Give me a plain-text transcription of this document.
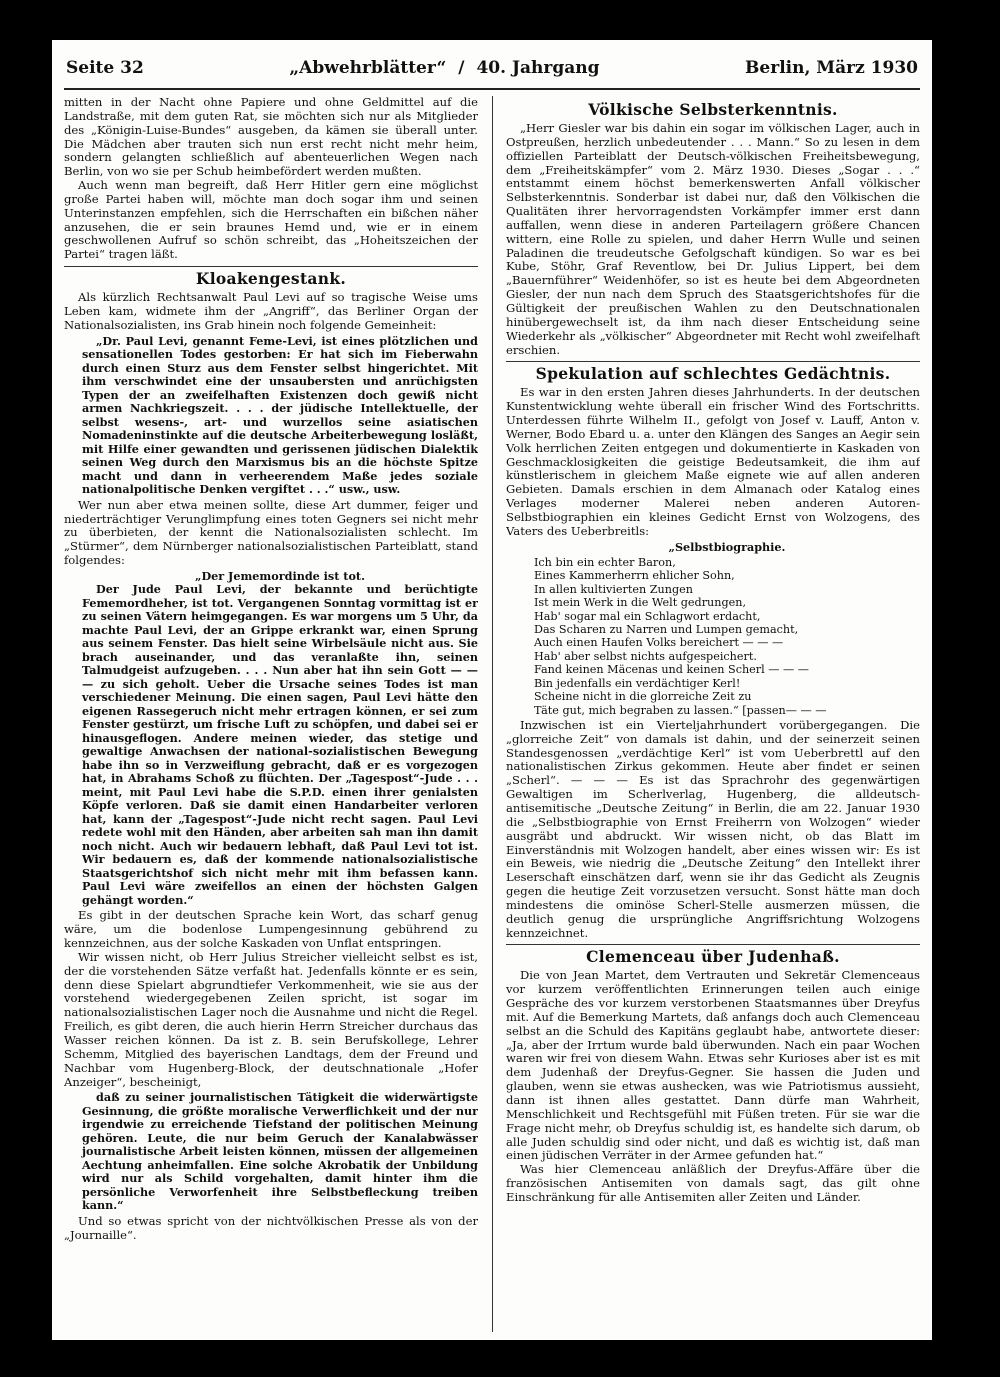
Seite 32	„Abwehrblätter“ / 40. Jahrgang	Berlin, März 1930

mitten in der Nacht ohne Papiere und ohne Geldmittel auf die Landstraße, mit dem guten Rat, sie möchten sich nur als Mitglieder des „Königin-Luise-Bundes“ ausgeben, da kämen sie überall unter. Die Mädchen aber trauten sich nun erst recht nicht mehr heim, sondern gelangten schließlich auf abenteuerlichen Wegen nach Berlin, von wo sie per Schub heimbefördert werden mußten.

Auch wenn man begreift, daß Herr Hitler gern eine möglichst große Partei haben will, möchte man doch sogar ihm und seinen Unterinstanzen empfehlen, sich die Herrschaften ein bißchen näher anzusehen, die er sein braunes Hemd und, wie er in einem geschwollenen Aufruf so schön schreibt, das „Hoheitszeichen der Partei“ tragen läßt.

Kloakengestank.

Als kürzlich Rechtsanwalt Paul Levi auf so tragische Weise ums Leben kam, widmete ihm der „Angriff“, das Berliner Organ der Nationalsozialisten, ins Grab hinein noch folgende Gemeinheit:

„Dr. Paul Levi, genannt Feme-Levi, ist eines plötzlichen und sensationellen Todes gestorben: Er hat sich im Fieberwahn durch einen Sturz aus dem Fenster selbst hingerichtet. Mit ihm verschwindet eine der unsaubersten und anrüchigsten Typen der an zweifelhaften Existenzen doch gewiß nicht armen Nachkriegszeit. . . . der jüdische Intellektuelle, der selbst wesens-, art- und wurzellos seine asiatischen Nomadeninstinkte auf die deutsche Arbeiterbewegung losläßt, mit Hilfe einer gewandten und gerissenen jüdischen Dialektik seinen Weg durch den Marxismus bis an die höchste Spitze macht und dann in verheerendem Maße jedes soziale nationalpolitische Denken vergiftet . . .“ usw., usw.

Wer nun aber etwa meinen sollte, diese Art dummer, feiger und niederträchtiger Verunglimpfung eines toten Gegners sei nicht mehr zu überbieten, der kennt die Nationalsozialisten schlecht. Im „Stürmer“, dem Nürnberger nationalsozialistischen Parteiblatt, stand folgendes:

„Der Jememordinde ist tot.

Der Jude Paul Levi, der bekannte und berüchtigte Fememordheher, ist tot. Vergangenen Sonntag vormittag ist er zu seinen Vätern heimgegangen. Es war morgens um 5 Uhr, da machte Paul Levi, der an Grippe erkrankt war, einen Sprung aus seinem Fenster. Das hielt seine Wirbelsäule nicht aus. Sie brach auseinander, und das veranlaßte ihn, seinen Talmudgeist aufzugeben. . . . Nun aber hat ihn sein Gott — — — zu sich geholt. Ueber die Ursache seines Todes ist man verschiedener Meinung. Die einen sagen, Paul Levi hätte den eigenen Rassegeruch nicht mehr ertragen können, er sei zum Fenster gestürzt, um frische Luft zu schöpfen, und dabei sei er hinausgeflogen. Andere meinen wieder, das stetige und gewaltige Anwachsen der national-sozialistischen Bewegung habe ihn so in Verzweiflung gebracht, daß er es vorgezogen hat, in Abrahams Schoß zu flüchten. Der „Tagespost“-Jude . . . meint, mit Paul Levi habe die S.P.D. einen ihrer genialsten Köpfe verloren. Daß sie damit einen Handarbeiter verloren hat, kann der „Tagespost“-Jude nicht recht sagen. Paul Levi redete wohl mit den Händen, aber arbeiten sah man ihn damit noch nicht. Auch wir bedauern lebhaft, daß Paul Levi tot ist. Wir bedauern es, daß der kommende nationalsozialistische Staatsgerichtshof sich nicht mehr mit ihm befassen kann. Paul Levi wäre zweifellos an einen der höchsten Galgen gehängt worden.“

Es gibt in der deutschen Sprache kein Wort, das scharf genug wäre, um die bodenlose Lumpengesinnung gebührend zu kennzeichnen, aus der solche Kaskaden von Unflat entspringen.

Wir wissen nicht, ob Herr Julius Streicher vielleicht selbst es ist, der die vorstehenden Sätze verfaßt hat. Jedenfalls könnte er es sein, denn diese Spielart abgrundtiefer Verkommenheit, wie sie aus der vorstehend wiedergegebenen Zeilen spricht, ist sogar im nationalsozialistischen Lager noch die Ausnahme und nicht die Regel. Freilich, es gibt deren, die auch hierin Herrn Streicher durchaus das Wasser reichen können. Da ist z. B. sein Berufskollege, Lehrer Schemm, Mitglied des bayerischen Landtags, dem der Freund und Nachbar vom Hugenberg-Block, der deutschnationale „Hofer Anzeiger“, bescheinigt,

daß zu seiner journalistischen Tätigkeit die widerwärtigste Gesinnung, die größte moralische Verwerflichkeit und der nur irgendwie zu erreichende Tiefstand der politischen Meinung gehören. Leute, die nur beim Geruch der Kanalabwässer journalistische Arbeit leisten können, müssen der allgemeinen Aechtung anheimfallen. Eine solche Akrobatik der Unbildung wird nur als Schild vorgehalten, damit hinter ihm die persönliche Verworfenheit ihre Selbstbefleckung treiben kann.“

Und so etwas spricht von der nichtvölkischen Presse als von der „Journaille“.

Völkische Selbsterkenntnis.

„Herr Giesler war bis dahin ein sogar im völkischen Lager, auch in Ostpreußen, herzlich unbedeutender . . . Mann.“ So zu lesen in dem offiziellen Parteiblatt der Deutsch-völkischen Freiheitsbewegung, dem „Freiheitskämpfer“ vom 2. März 1930. Dieses „Sogar . . .“ entstammt einem höchst bemerkenswerten Anfall völkischer Selbsterkenntnis. Sonderbar ist dabei nur, daß den Völkischen die Qualitäten ihrer hervorragendsten Vorkämpfer immer erst dann auffallen, wenn diese in anderen Parteilagern größere Chancen wittern, eine Rolle zu spielen, und daher Herrn Wulle und seinen Paladinen die treudeutsche Gefolgschaft kündigen. So war es bei Kube, Stöhr, Graf Reventlow, bei Dr. Julius Lippert, bei dem „Bauernführer“ Weidenhöfer, so ist es heute bei dem Abgeordneten Giesler, der nun nach dem Spruch des Staatsgerichtshofes für die Gültigkeit der preußischen Wahlen zu den Deutschnationalen hinübergewechselt ist, da ihm nach dieser Entscheidung seine Wiederkehr als „völkischer“ Abgeordneter mit Recht wohl zweifelhaft erschien.

Spekulation auf schlechtes Gedächtnis.

Es war in den ersten Jahren dieses Jahrhunderts. In der deutschen Kunstentwicklung wehte überall ein frischer Wind des Fortschritts. Unterdessen führte Wilhelm II., gefolgt von Josef v. Lauff, Anton v. Werner, Bodo Ebard u. a. unter den Klängen des Sanges an Aegir sein Volk herrlichen Zeiten entgegen und dokumentierte in Kaskaden von Geschmacklosigkeiten die geistige Bedeutsamkeit, die ihm auf künstlerischem in gleichem Maße eignete wie auf allen anderen Gebieten. Damals erschien in dem Almanach oder Katalog eines Verlages moderner Malerei neben anderen Autoren-Selbstbiographien ein kleines Gedicht Ernst von Wolzogens, des Vaters des Ueberbreitls:

„Selbstbiographie.
Ich bin ein echter Baron,
Eines Kammerherrn ehlicher Sohn,
In allen kultivierten Zungen
Ist mein Werk in die Welt gedrungen,
Hab' sogar mal ein Schlagwort erdacht,
Das Scharen zu Narren und Lumpen gemacht,
Auch einen Haufen Volks bereichert — — —
Hab' aber selbst nichts aufgespeichert.
Fand keinen Mäcenas und keinen Scherl — — —
Bin jedenfalls ein verdächtiger Kerl!
Scheine nicht in die glorreiche Zeit zu
Täte gut, mich begraben zu lassen.“ [passen— — —

Inzwischen ist ein Vierteljahrhundert vorübergegangen. Die „glorreiche Zeit“ von damals ist dahin, und der seinerzeit seinen Standesgenossen „verdächtige Kerl“ ist vom Ueberbrettl auf den nationalistischen Zirkus gekommen. Heute aber findet er seinen „Scherl“. — — — Es ist das Sprachrohr des gegenwärtigen Gewaltigen im Scherlverlag, Hugenberg, die alldeutsch-antisemitische „Deutsche Zeitung“ in Berlin, die am 22. Januar 1930 die „Selbstbiographie von Ernst Freiherrn von Wolzogen“ wieder ausgräbt und abdruckt. Wir wissen nicht, ob das Blatt im Einverständnis mit Wolzogen handelt, aber eines wissen wir: Es ist ein Beweis, wie niedrig die „Deutsche Zeitung“ den Intellekt ihrer Leserschaft einschätzen darf, wenn sie ihr das Gedicht als Zeugnis gegen die heutige Zeit vorzusetzen versucht. Sonst hätte man doch mindestens die ominöse Scherl-Stelle ausmerzen müssen, die deutlich genug die ursprüngliche Angriffsrichtung Wolzogens kennzeichnet.

Clemenceau über Judenhaß.

Die von Jean Martet, dem Vertrauten und Sekretär Clemenceaus vor kurzem veröffentlichten Erinnerungen teilen auch einige Gespräche des vor kurzem verstorbenen Staatsmannes über Dreyfus mit. Auf die Bemerkung Martets, daß anfangs doch auch Clemenceau selbst an die Schuld des Kapitäns geglaubt habe, antwortete dieser: „Ja, aber der Irrtum wurde bald überwunden. Nach ein paar Wochen waren wir frei von diesem Wahn. Etwas sehr Kurioses aber ist es mit dem Judenhaß der Dreyfus-Gegner. Sie hassen die Juden und glauben, wenn sie etwas aushecken, was wie Patriotismus aussieht, dann ist ihnen alles gestattet. Dann dürfe man Wahrheit, Menschlichkeit und Rechtsgefühl mit Füßen treten. Für sie war die Frage nicht mehr, ob Dreyfus schuldig ist, es handelte sich darum, ob alle Juden schuldig sind oder nicht, und daß es wichtig ist, daß man einen jüdischen Verräter in der Armee gefunden hat.“

Was hier Clemenceau anläßlich der Dreyfus-Affäre über die französischen Antisemiten von damals sagt, das gilt ohne Einschränkung für alle Antisemiten aller Zeiten und Länder.
